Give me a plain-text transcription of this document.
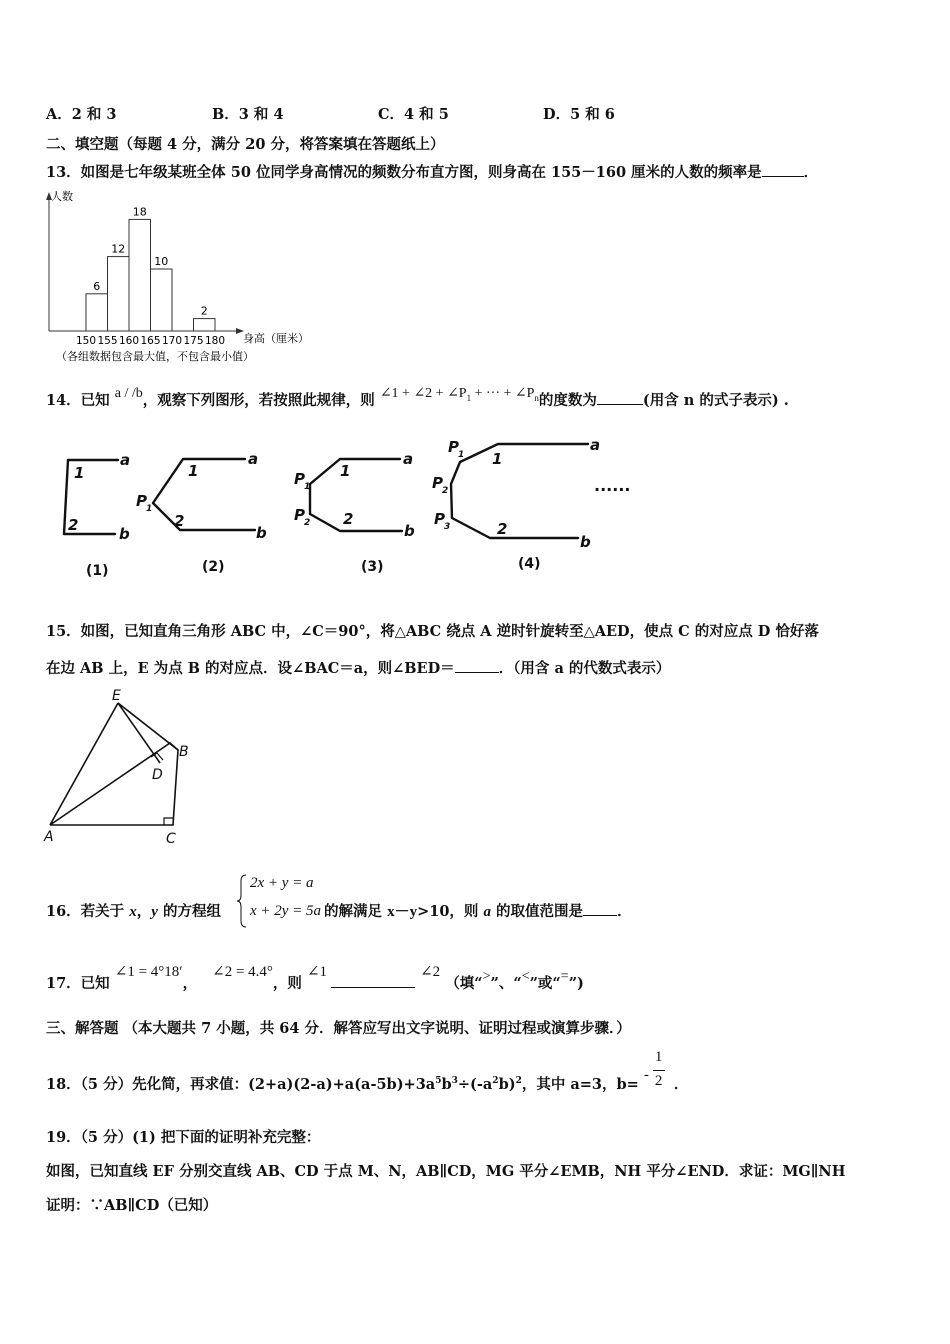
A．2 和 3	B．3 和 4	C．4 和 5	D．5 和 6
二、填空题（每题 4 分，满分 20 分，将答案填在答题纸上）
13．如图是七年级某班全体 50 位同学身高情况的频数分布直方图，则身高在 155－160 厘米的人数的频率是	．
人数
身高（厘米）
（各组数据包含最大值，不包含最小值）
6
12
18
10
2
150 155 160 165 170 175 180
14．已知 a / /b，观察下列图形，若按照此规律，则 ∠1 + ∠2 + $\angle P_1$ + ··· + $\angle P_n$的度数为	(用含 n 的式子表示) .
1
2
a
b
1
2
a
b
P 1
1
2
a
b
P 1
P 2
1
2
a
b
P 1
P 2
P 3
······
(1)	(2)	(3)	(4)
15．如图，已知直角三角形 ABC 中，∠C＝90°，将△ABC 绕点 A 逆时针旋转至△AED，使点 C 的对应点 D 恰好落
在边 AB 上，E 为点 B 的对应点．设∠BAC＝a，则∠BED＝	．（用含 a 的代数式表示）
E
B
D
A	C
16．若关于 x，y 的方程组	的解满足 x－y>10，则 a 的取值范围是 ．
2x + y = a
x + 2y = 5a
17．已知 ∠1 = 4°18′， ∠2 = 4.4°，则 ∠1	∠2 （填“>”、“<”或“=”)
三、解答题 （本大题共 7 小题，共 64 分．解答应写出文字说明、证明过程或演算步骤．）
18．（5 分）先化简，再求值：$(2+a)(2-a)+a(a-5b)+3a^5b^3\div(-a^2b)^2$，其中 a=3，b=
-
1
2 ．
19．（5 分）(1) 把下面的证明补充完整：
如图，已知直线 EF 分别交直线 AB、CD 于点 M、N，AB∥CD，MG 平分∠EMB，NH 平分∠END．求证：MG∥NH
证明：∵AB∥CD（已知）
